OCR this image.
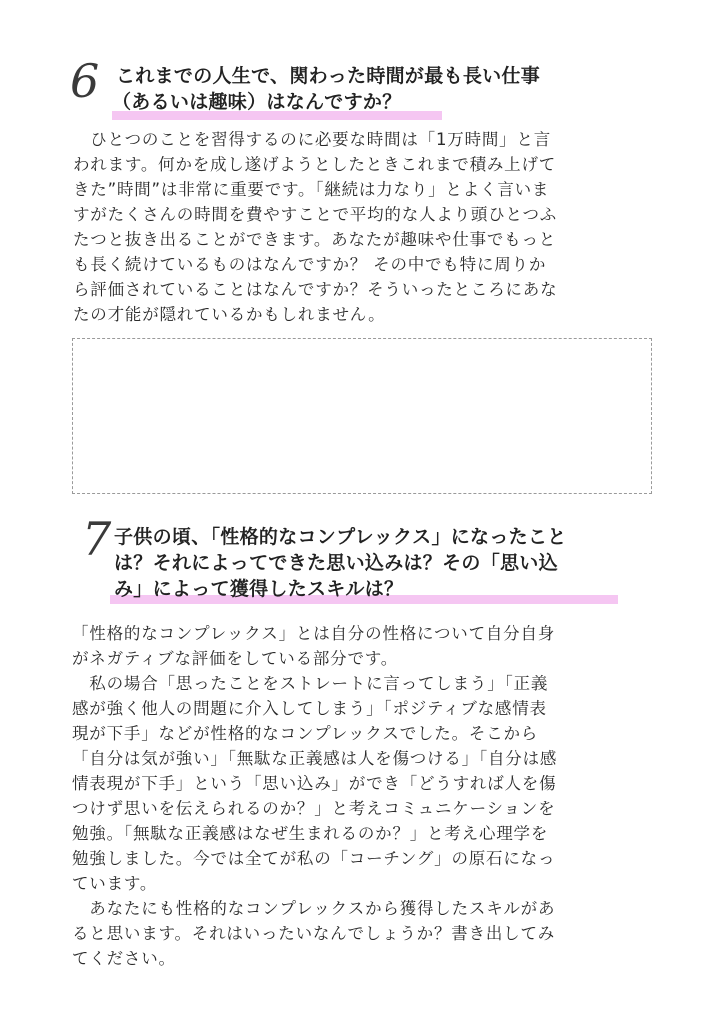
6 これまでの人生で、関わった時間が最も長い仕事
（あるいは趣味）はなんですか？
　ひとつのことを習得するのに必要な時間は「1万時間」と言
われます。何かを成し遂げようとしたときこれまで積み上げて
きた”時間”は非常に重要です。「継続は力なり」とよく言いま
すがたくさんの時間を費やすことで平均的な人より頭ひとつふ
たつと抜き出ることができます。あなたが趣味や仕事でもっと
も長く続けているものはなんですか？ その中でも特に周りか
ら評価されていることはなんですか？そういったところにあな
たの才能が隠れているかもしれません。
7 子供の頃、「性格的なコンプレックス」になったこと
は？それによってできた思い込みは？その「思い込
み」によって獲得したスキルは？
「性格的なコンプレックス」とは自分の性格について自分自身
がネガティブな評価をしている部分です。
　私の場合「思ったことをストレートに言ってしまう」「正義
感が強く他人の問題に介入してしまう」「ポジティブな感情表
現が下手」などが性格的なコンプレックスでした。そこから
「自分は気が強い」「無駄な正義感は人を傷つける」「自分は感
情表現が下手」という「思い込み」ができ「どうすれば人を傷
つけず思いを伝えられるのか？」と考えコミュニケーションを
勉強。「無駄な正義感はなぜ生まれるのか？」と考え心理学を
勉強しました。今では全てが私の「コーチング」の原石になっ
ています。
　あなたにも性格的なコンプレックスから獲得したスキルがあ
ると思います。それはいったいなんでしょうか？書き出してみ
てください。
